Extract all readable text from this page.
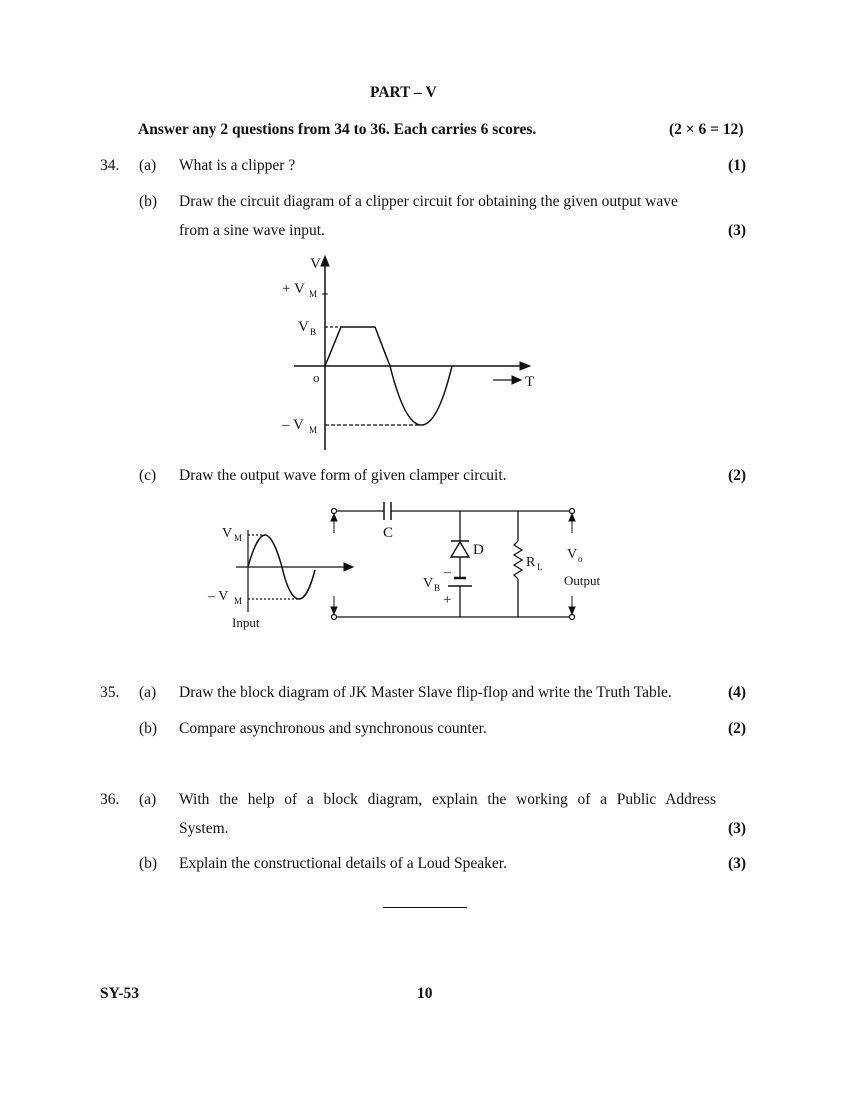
PART – V
Answer any 2 questions from 34 to 36. Each carries 6 scores.	(2 × 6 = 12)
34. (a) What is a clipper ?	(1)
(b) Draw the circuit diagram of a clipper circuit for obtaining the given output wave
from a sine wave input.	(3)
V
+ V M
V B
o	T
– V M
(c) Draw the output wave form of given clamper circuit.	(2)
V M
– V M
Input
C
D
–
+
V B
R L
V o
Output
35. (a) Draw the block diagram of JK Master Slave flip-flop and write the Truth Table.	(4)
(b) Compare asynchronous and synchronous counter.	(2)
36. (a) With the help of a block diagram, explain the working of a Public Address
System.	(3)
(b) Explain the constructional details of a Loud Speaker.	(3)
SY-53	10
